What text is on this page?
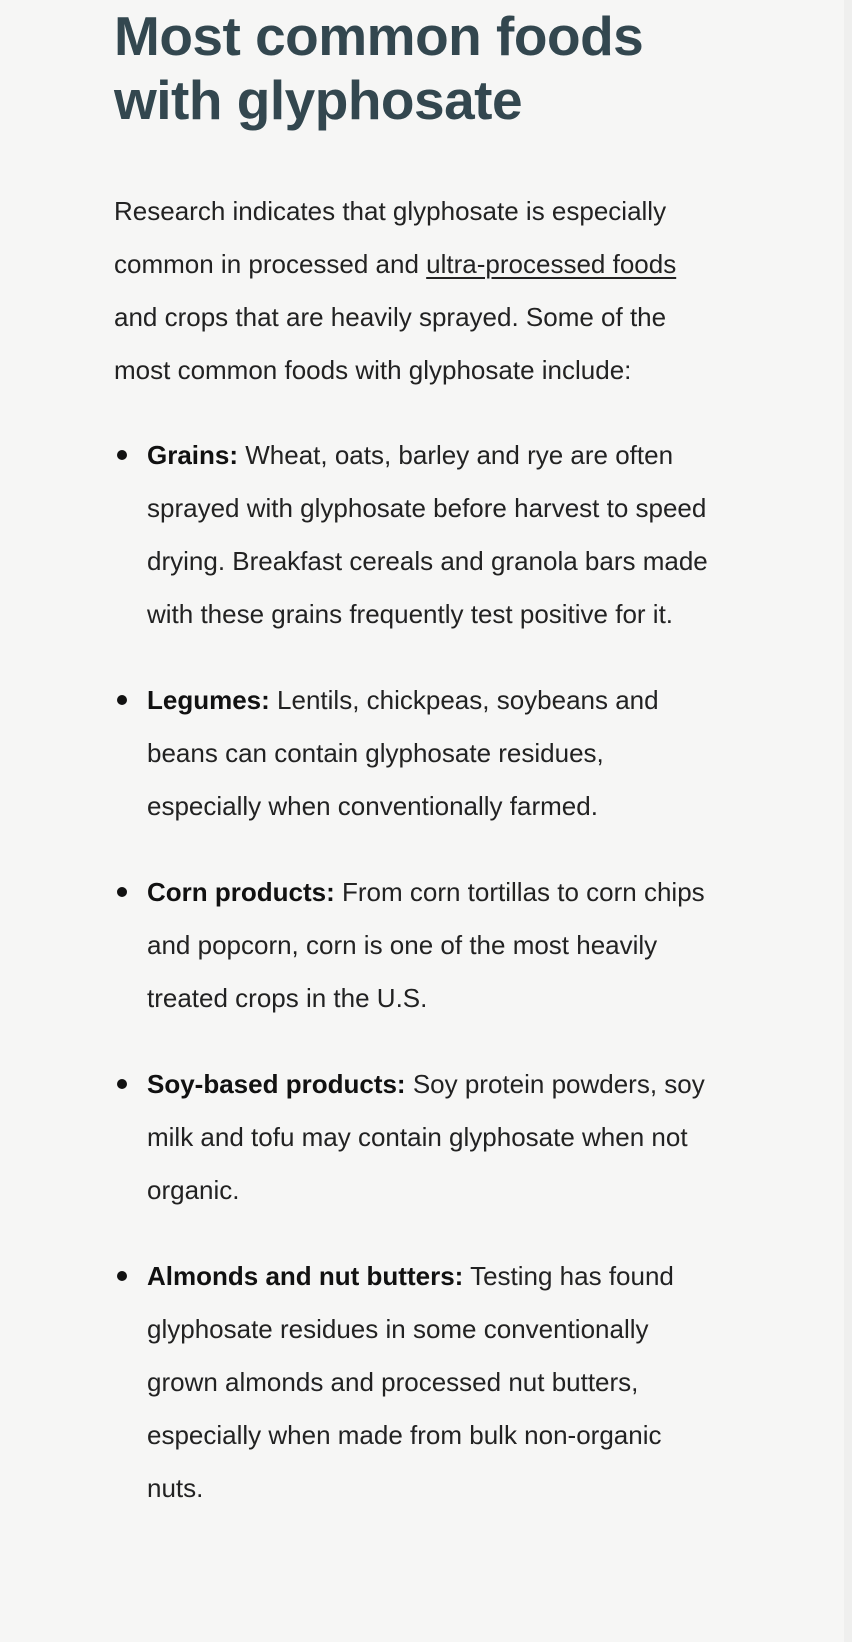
Most common foods with glyphosate

Research indicates that glyphosate is especially common in processed and ultra-processed foods and crops that are heavily sprayed. Some of the most common foods with glyphosate include:

Grains: Wheat, oats, barley and rye are often sprayed with glyphosate before harvest to speed drying. Breakfast cereals and granola bars made with these grains frequently test positive for it.
Legumes: Lentils, chickpeas, soybeans and beans can contain glyphosate residues, especially when conventionally farmed.
Corn products: From corn tortillas to corn chips and popcorn, corn is one of the most heavily treated crops in the U.S.
Soy-based products: Soy protein powders, soy milk and tofu may contain glyphosate when not organic.
Almonds and nut butters: Testing has found glyphosate residues in some conventionally grown almonds and processed nut butters, especially when made from bulk non-organic nuts.
